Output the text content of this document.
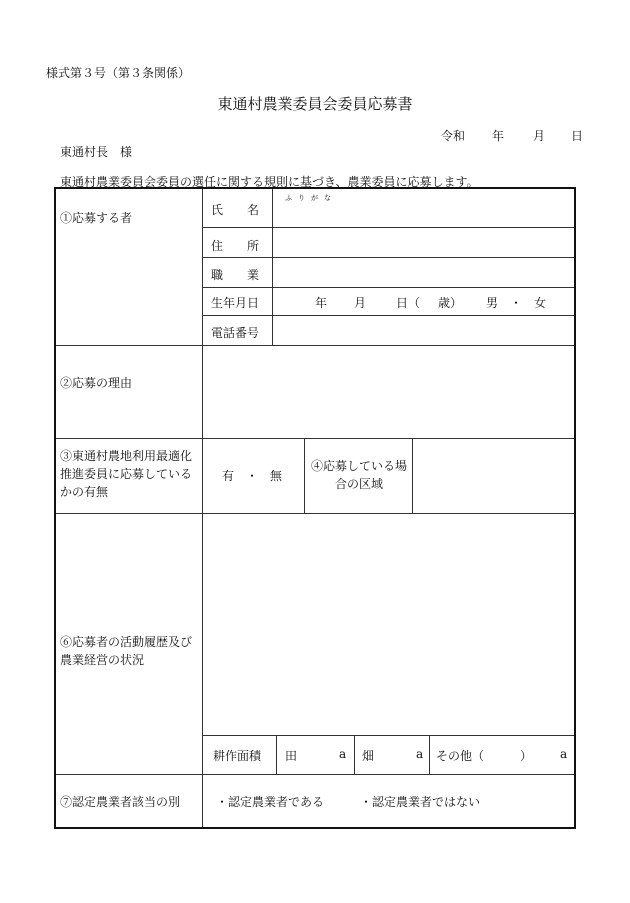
様式第３号（第３条関係）
東通村農業委員会委員応募書
令和 年 月 日
東通村長　様
東通村農業委員会委員の選任に関する規則に基づき、農業委員に応募します。
①応募する者
氏　　名
ふりがな
住　　所
職　　業
生年月日	年 月 日（ 歳） 男　・　女
電話番号
②応募の理由
③東通村農地利用最適化推進委員に応募しているかの有無
有　・　無
④応募している場合の区域
⑥応募者の活動履歴及び農業経営の状況
耕作面積 田	a 畑	a その他（　　　） a
⑦認定農業者該当の別	・認定農業者である	・認定農業者ではない
